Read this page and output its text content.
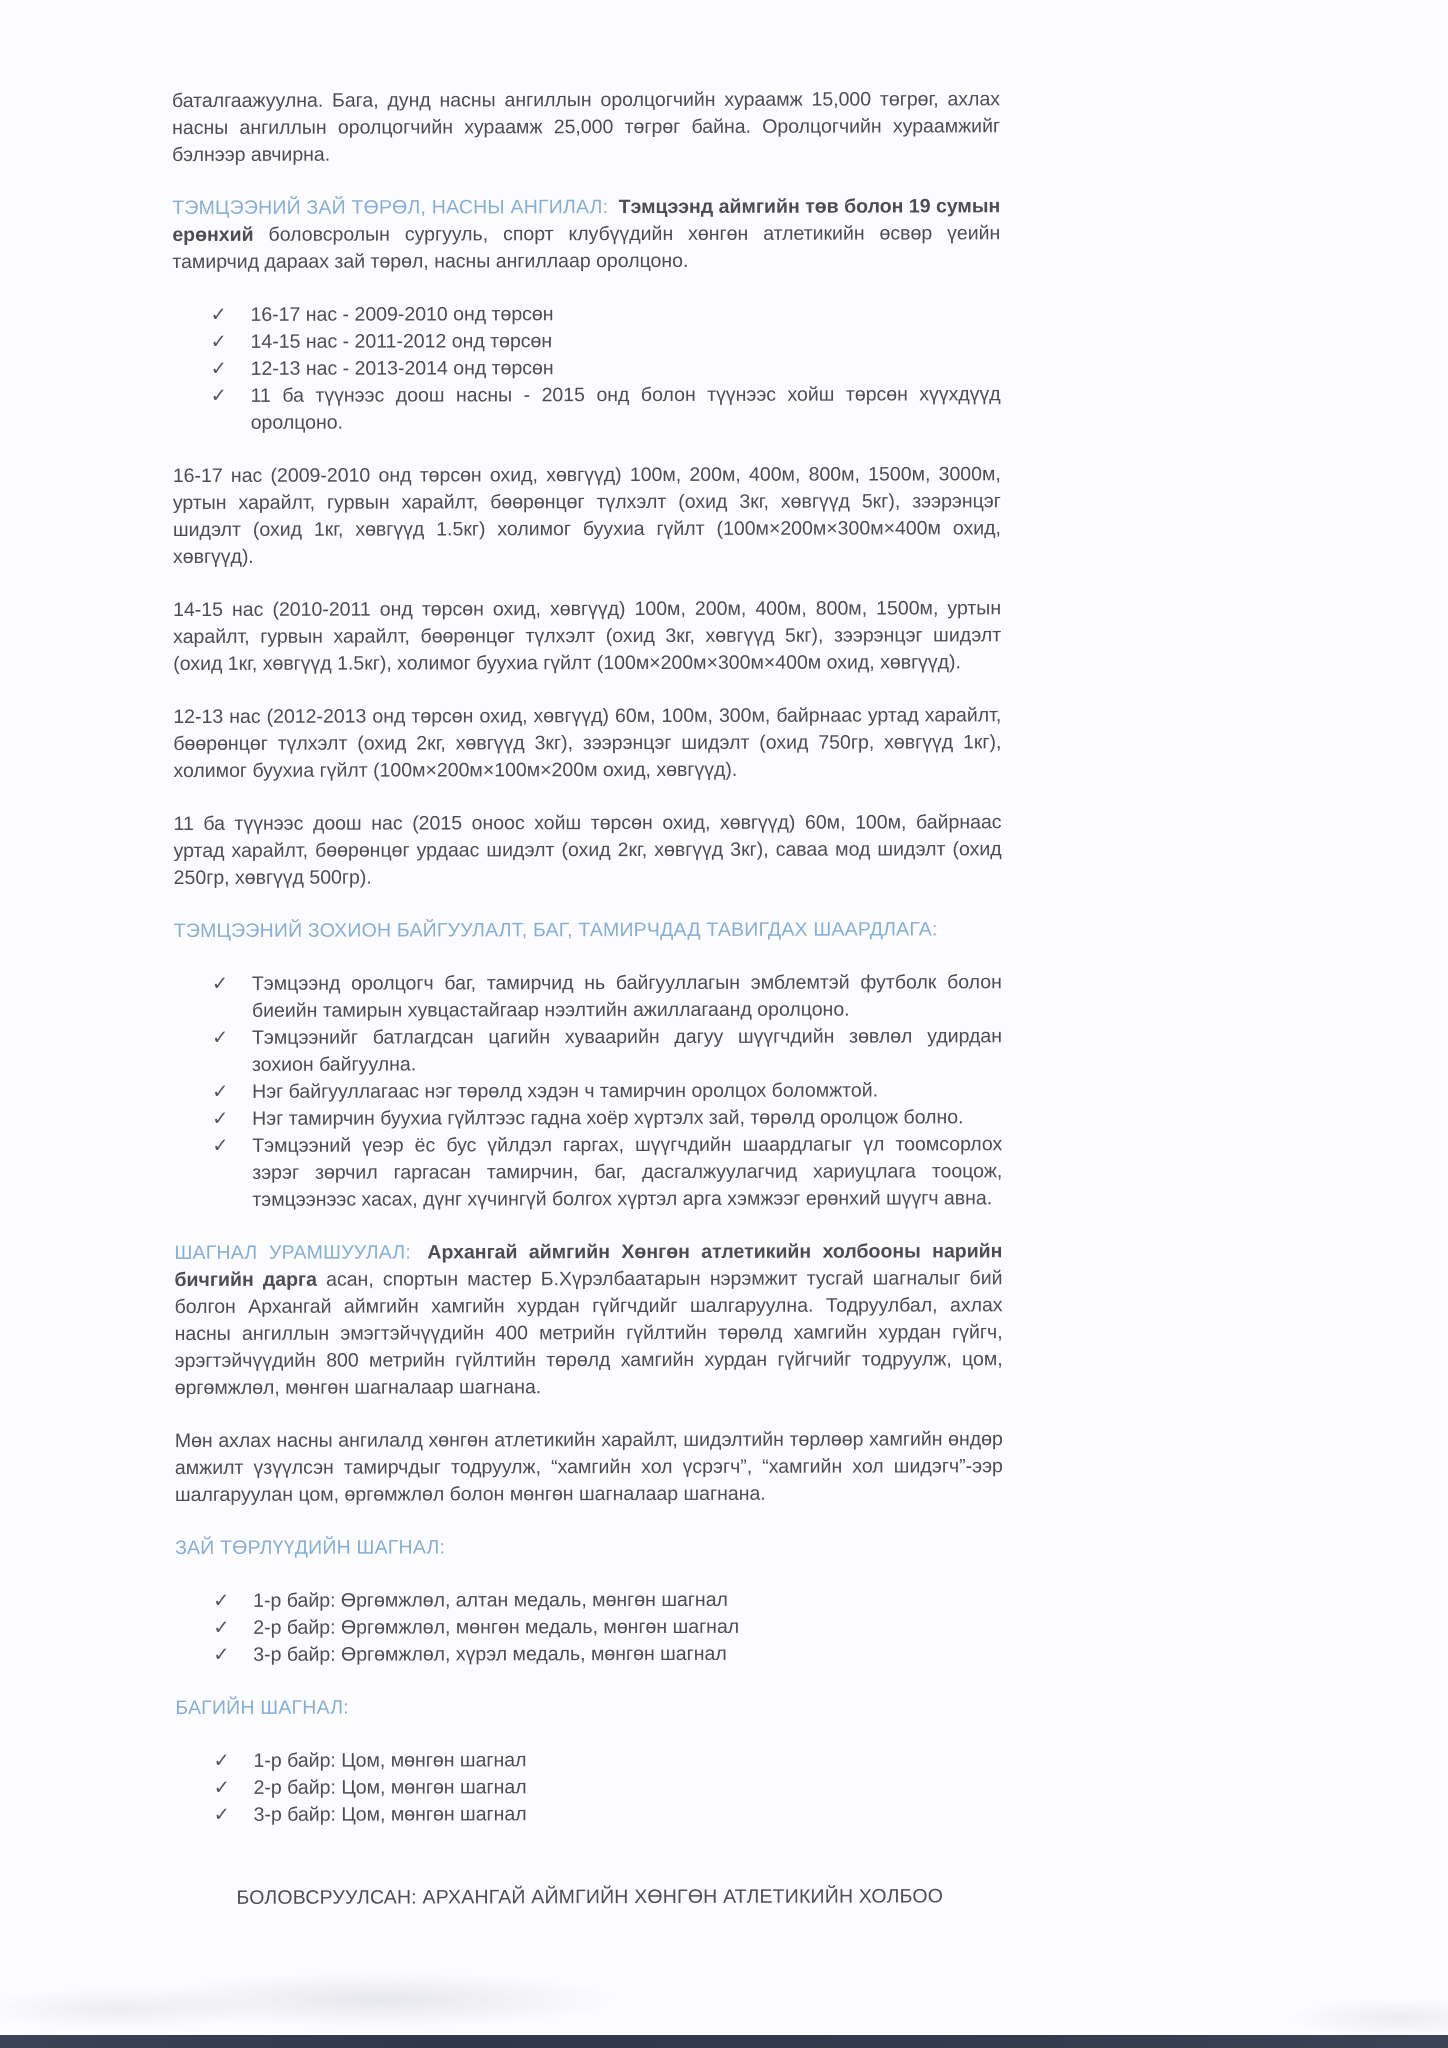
баталгаажуулна. Бага, дунд насны ангиллын оролцогчийн хураамж 15,000 төгрөг, ахлах насны ангиллын оролцогчийн хураамж 25,000 төгрөг байна. Оролцогчийн хураамжийг бэлнээр авчирна.

ТЭМЦЭЭНИЙ ЗАЙ ТӨРӨЛ, НАСНЫ АНГИЛАЛ: Тэмцээнд аймгийн төв болон 19 сумын ерөнхий боловсролын сургууль, спорт клубүүдийн хөнгөн атлетикийн өсвөр үеийн тамирчид дараах зай төрөл, насны ангиллаар оролцоно.

✓ 16-17 нас - 2009-2010 онд төрсөн
✓ 14-15 нас - 2011-2012 онд төрсөн
✓ 12-13 нас - 2013-2014 онд төрсөн
✓ 11 ба түүнээс доош насны - 2015 онд болон түүнээс хойш төрсөн хүүхдүүд оролцоно.

16-17 нас (2009-2010 онд төрсөн охид, хөвгүүд) 100м, 200м, 400м, 800м, 1500м, 3000м, уртын харайлт, гурвын харайлт, бөөрөнцөг түлхэлт (охид 3кг, хөвгүүд 5кг), зээрэнцэг шидэлт (охид 1кг, хөвгүүд 1.5кг) холимог буухиа гүйлт (100м×200м×300м×400м охид, хөвгүүд).

14-15 нас (2010-2011 онд төрсөн охид, хөвгүүд) 100м, 200м, 400м, 800м, 1500м, уртын харайлт, гурвын харайлт, бөөрөнцөг түлхэлт (охид 3кг, хөвгүүд 5кг), зээрэнцэг шидэлт (охид 1кг, хөвгүүд 1.5кг), холимог буухиа гүйлт (100м×200м×300м×400м охид, хөвгүүд).

12-13 нас (2012-2013 онд төрсөн охид, хөвгүүд) 60м, 100м, 300м, байрнаас уртад харайлт, бөөрөнцөг түлхэлт (охид 2кг, хөвгүүд 3кг), зээрэнцэг шидэлт (охид 750гр, хөвгүүд 1кг), холимог буухиа гүйлт (100м×200м×100м×200м охид, хөвгүүд).

11 ба түүнээс доош нас (2015 оноос хойш төрсөн охид, хөвгүүд) 60м, 100м, байрнаас уртад харайлт, бөөрөнцөг урдаас шидэлт (охид 2кг, хөвгүүд 3кг), саваа мод шидэлт (охид 250гр, хөвгүүд 500гр).

ТЭМЦЭЭНИЙ ЗОХИОН БАЙГУУЛАЛТ, БАГ, ТАМИРЧДАД ТАВИГДАХ ШААРДЛАГА:
✓ Тэмцээнд оролцогч баг, тамирчид нь байгууллагын эмблемтэй футболк болон биеийн тамирын хувцастайгаар нээлтийн ажиллагаанд оролцоно.
✓ Тэмцээнийг батлагдсан цагийн хуваарийн дагуу шүүгчдийн зөвлөл удирдан зохион байгуулна.
✓ Нэг байгууллагаас нэг төрөлд хэдэн ч тамирчин оролцох боломжтой.
✓ Нэг тамирчин буухиа гүйлтээс гадна хоёр хүртэлх зай, төрөлд оролцож болно.
✓ Тэмцээний үеэр ёс бус үйлдэл гаргах, шүүгчдийн шаардлагыг үл тоомсорлох зэрэг зөрчил гаргасан тамирчин, баг, дасгалжуулагчид хариуцлага тооцож, тэмцээнээс хасах, дүнг хүчингүй болгох хүртэл арга хэмжээг ерөнхий шүүгч авна.

ШАГНАЛ УРАМШУУЛАЛ: Архангай аймгийн Хөнгөн атлетикийн холбооны нарийн бичгийн дарга асан, спортын мастер Б.Хүрэлбаатарын нэрэмжит тусгай шагналыг бий болгон Архангай аймгийн хамгийн хурдан гүйгчдийг шалгаруулна. Тодруулбал, ахлах насны ангиллын эмэгтэйчүүдийн 400 метрийн гүйлтийн төрөлд хамгийн хурдан гүйгч, эрэгтэйчүүдийн 800 метрийн гүйлтийн төрөлд хамгийн хурдан гүйгчийг тодруулж, цом, өргөмжлөл, мөнгөн шагналаар шагнана.

Мөн ахлах насны ангилалд хөнгөн атлетикийн харайлт, шидэлтийн төрлөөр хамгийн өндөр амжилт үзүүлсэн тамирчдыг тодруулж, “хамгийн хол үсрэгч”, “хамгийн хол шидэгч”-ээр шалгаруулан цом, өргөмжлөл болон мөнгөн шагналаар шагнана.

ЗАЙ ТӨРЛҮҮДИЙН ШАГНАЛ:
✓ 1-р байр: Өргөмжлөл, алтан медаль, мөнгөн шагнал
✓ 2-р байр: Өргөмжлөл, мөнгөн медаль, мөнгөн шагнал
✓ 3-р байр: Өргөмжлөл, хүрэл медаль, мөнгөн шагнал
БАГИЙН ШАГНАЛ:
✓ 1-р байр: Цом, мөнгөн шагнал
✓ 2-р байр: Цом, мөнгөн шагнал
✓ 3-р байр: Цом, мөнгөн шагнал
БОЛОВСРУУЛСАН: АРХАНГАЙ АЙМГИЙН ХӨНГӨН АТЛЕТИКИЙН ХОЛБОО
